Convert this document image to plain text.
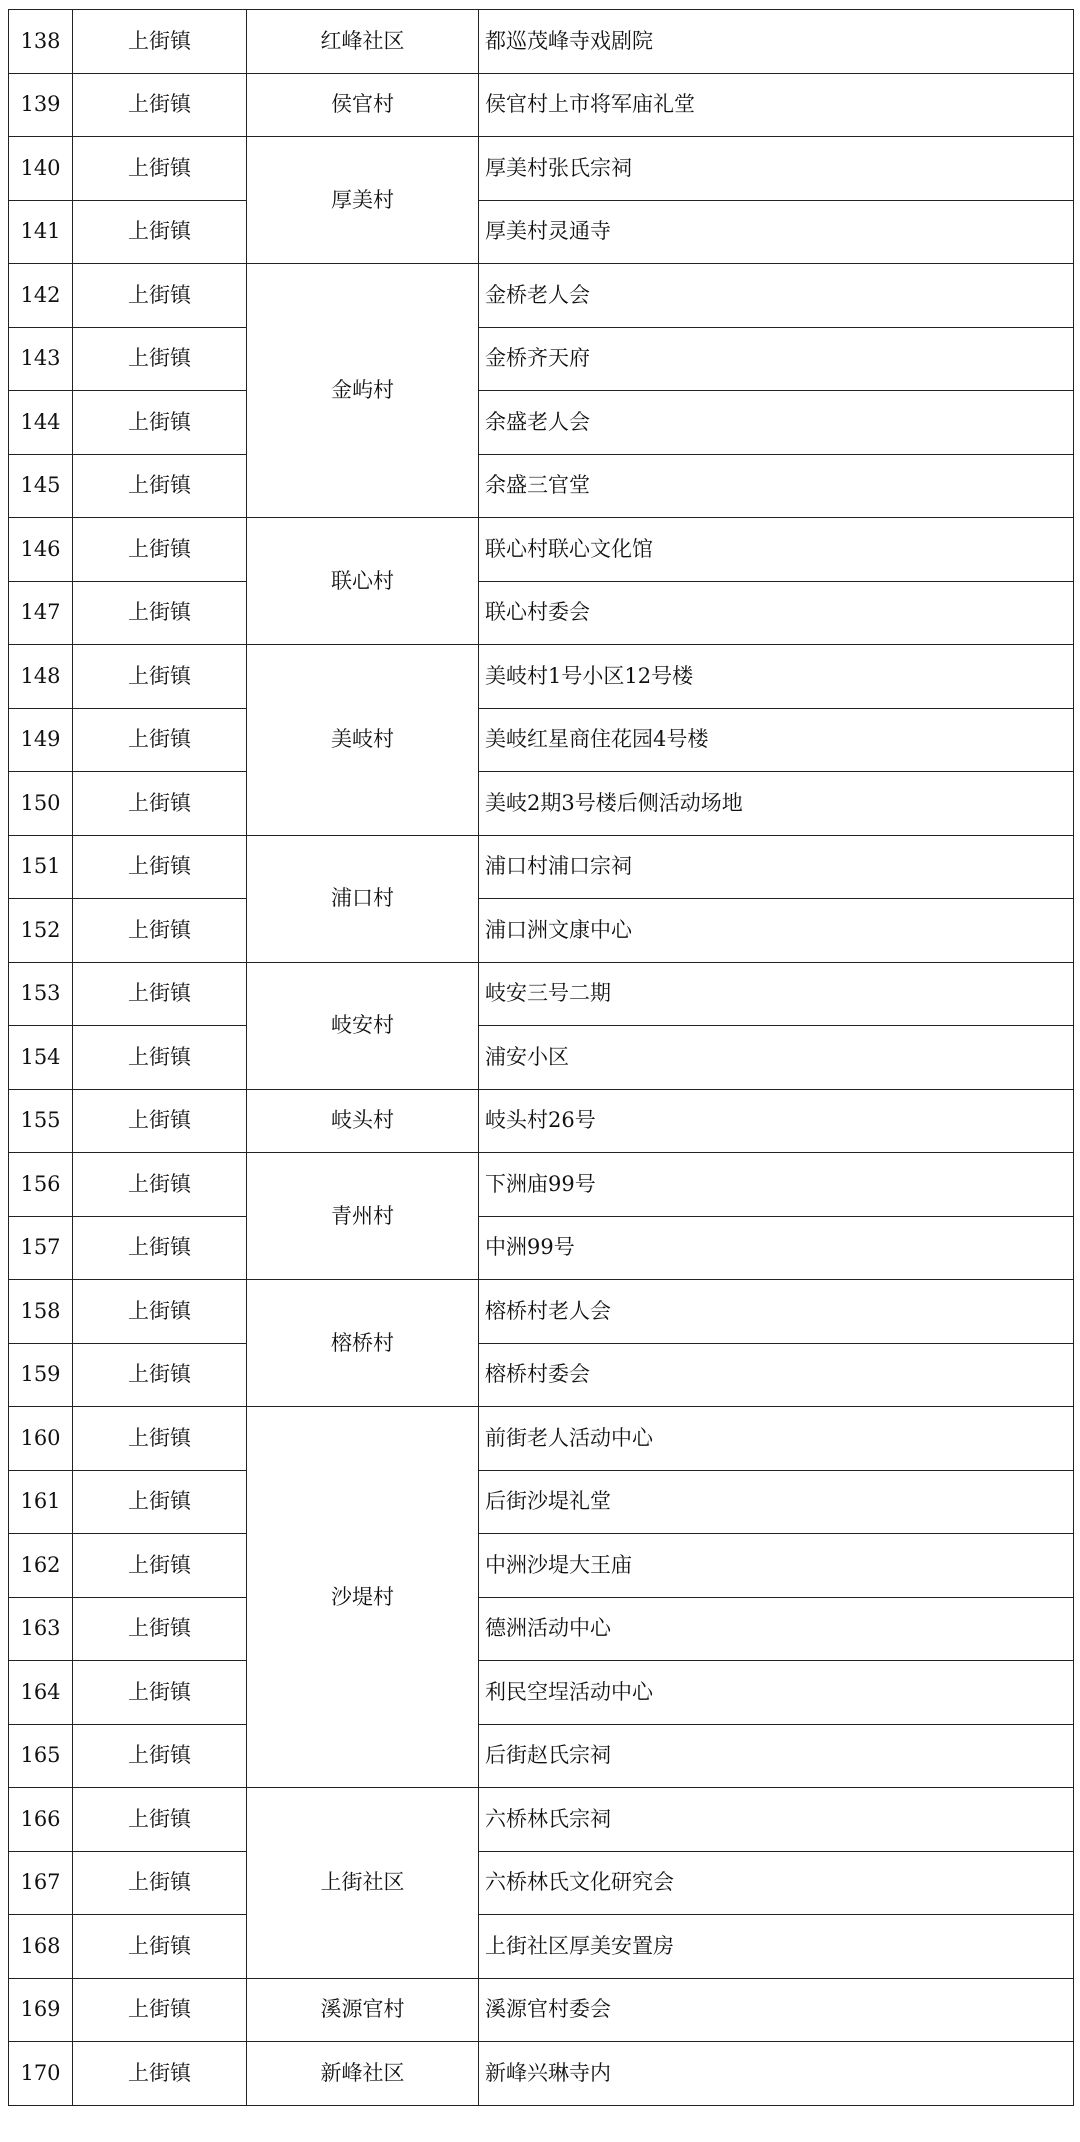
138	上街镇	红峰社区	都巡茂峰寺戏剧院
139	上街镇	侯官村	侯官村上市将军庙礼堂
140	上街镇	厚美村	厚美村张氏宗祠
141	上街镇		厚美村灵通寺
142	上街镇	金屿村	金桥老人会
143	上街镇		金桥齐天府
144	上街镇		余盛老人会
145	上街镇		余盛三官堂
146	上街镇	联心村	联心村联心文化馆
147	上街镇		联心村委会
148	上街镇	美岐村	美岐村1号小区12号楼
149	上街镇		美岐红星商住花园4号楼
150	上街镇		美岐2期3号楼后侧活动场地
151	上街镇	浦口村	浦口村浦口宗祠
152	上街镇		浦口洲文康中心
153	上街镇	岐安村	岐安三号二期
154	上街镇		浦安小区
155	上街镇	岐头村	岐头村26号
156	上街镇	青州村	下洲庙99号
157	上街镇		中洲99号
158	上街镇	榕桥村	榕桥村老人会
159	上街镇		榕桥村委会
160	上街镇	沙堤村	前街老人活动中心
161	上街镇		后街沙堤礼堂
162	上街镇		中洲沙堤大王庙
163	上街镇		德洲活动中心
164	上街镇		利民空埕活动中心
165	上街镇		后街赵氏宗祠
166	上街镇	上街社区	六桥林氏宗祠
167	上街镇		六桥林氏文化研究会
168	上街镇		上街社区厚美安置房
169	上街镇	溪源官村	溪源官村委会
170	上街镇	新峰社区	新峰兴琳寺内
